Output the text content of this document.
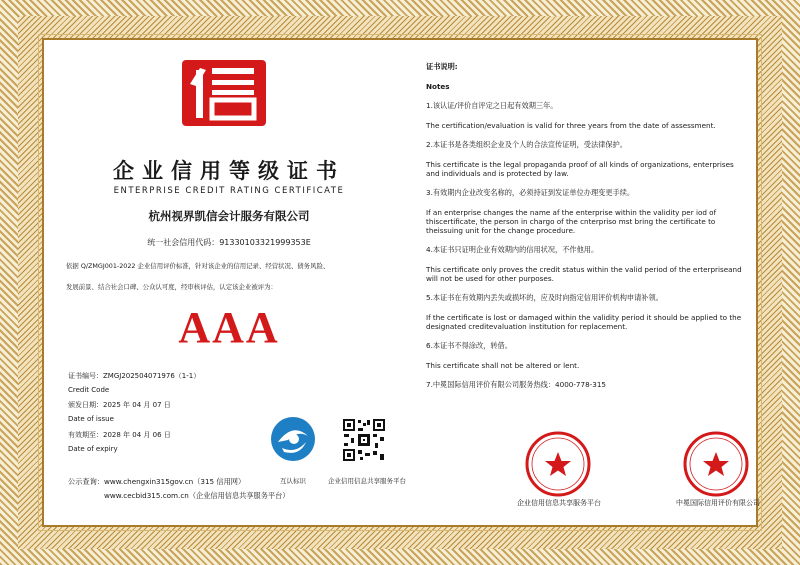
企业信用等级证书
ENTERPRISE CREDIT RATING CERTIFICATE
杭州视界凯信会计服务有限公司
统一社会信用代码：91330103321999353E
依据 Q/ZMGJ001-2022 企业信用评价标准，针对该企业的信用记录、经营状况、债务风险、
发展前景、结合社会口碑、公众认可度，经审核评估，认定该企业被评为：
AAA
证书编号：ZMGJ202504071976（1-1）
Credit Code
颁发日期：2025 年 04 月 07 日
Date of issue
有效期至：2028 年 04 月 06 日
Date of expiry
互认标识	企业信用信息共享服务平台
公示查询：www.chengxin315gov.cn（315 信用网）
www.cecbid315.com.cn（企业信用信息共享服务平台）

证书说明:

Notes

1.该认证/评价自评定之日起有效期三年。

The certification/evaluation is valid for three years from the date of assessment.

2.本证书是各类组织企业及个人的合法宣传证明，受法律保护。

This certificate is the legal propaganda proof of all kinds of organizations, enterprises and individuals and is protected by law.

3.有效期内企业改变名称的，必须持证到发证单位办理变更手续。

If an enterprise changes the name af the enterprise within the validity per iod of thiscertificate, the person in chargo of the cnterpriso mst bring the certificate to theissuing unit for the change procedure.

4.本证书只证明企业有效期内的信用状况，不作他用。

This certificate only proves the credit status within the valid period of the erterpriseand will not be used for other purposes.

5.本证书在有效期内丢失或损坏的，应及时向指定信用评价机构申请补领。

If the certificate is lost or damaged within the validity period it should be applied to the designated creditevaluation institution for replacement.

6.本证书不得涂改，转借。

This certificate shall not be altered or lent.

7.中冕国际信用评价有限公司服务热线：4000-778-315

企业信用信息共享服务平台	中冕国际信用评价有限公司
